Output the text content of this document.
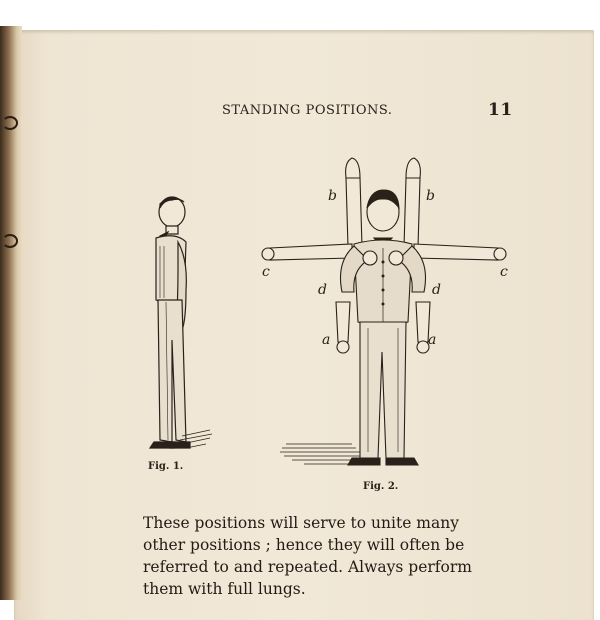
STANDING POSITIONS.	11
Fig. 1.
b	b
c	c
d	d
a	a
Fig. 2.
These positions will serve to unite many
other positions ; hence they will often be
referred to and repeated. Always perform
them with full lungs.
